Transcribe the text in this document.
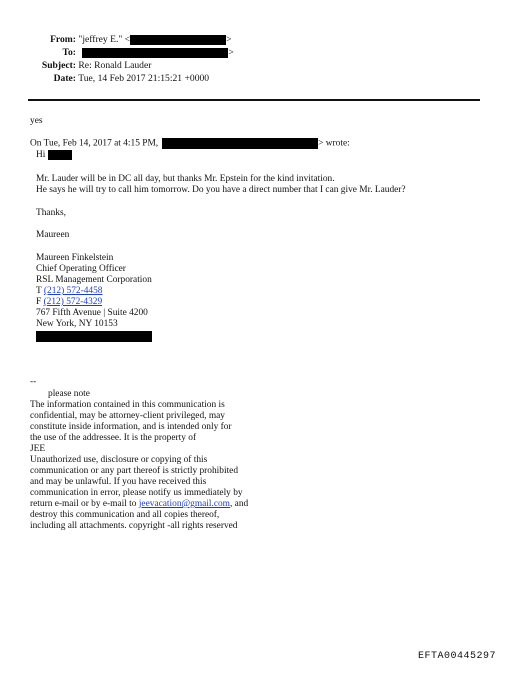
From: "jeffrey E." <	>
To:	>
Subject: Re: Ronald Lauder
Date: Tue, 14 Feb 2017 21:15:21 +0000
yes
On Tue, Feb 14, 2017 at 4:15 PM,	> wrote:
Hi
Mr. Lauder will be in DC all day, but thanks Mr. Epstein for the kind invitation.
He says he will try to call him tomorrow. Do you have a direct number that I can give Mr. Lauder?
Thanks,
Maureen
Maureen Finkelstein
Chief Operating Officer
RSL Management Corporation
T (212) 572-4458
F (212) 572-4329
767 Fifth Avenue | Suite 4200
New York, NY 10153
--
please note
The information contained in this communication is
confidential, may be attorney-client privileged, may
constitute inside information, and is intended only for
the use of the addressee. It is the property of
JEE
Unauthorized use, disclosure or copying of this
communication or any part thereof is strictly prohibited
and may be unlawful. If you have received this
communication in error, please notify us immediately by
return e-mail or by e-mail to jeevacation@gmail.com, and
destroy this communication and all copies thereof,
including all attachments. copyright -all rights reserved
EFTA00445297
